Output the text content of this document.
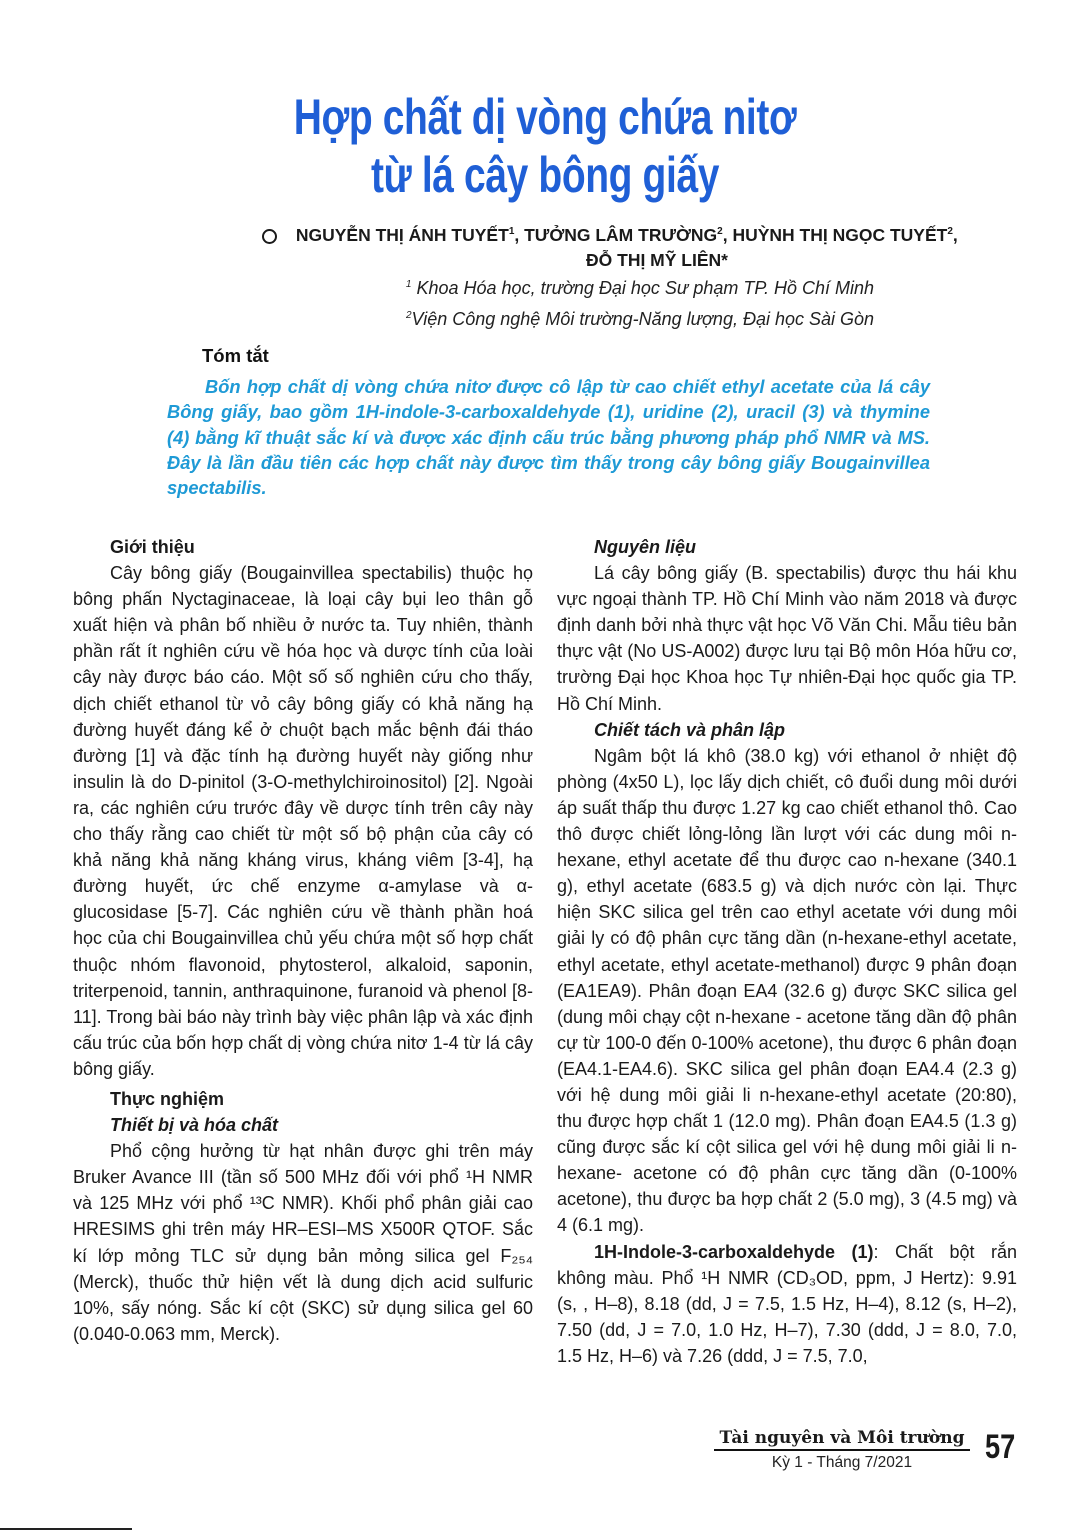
Hợp chất dị vòng chứa nitơ
từ lá cây bông giấy
NGUYỄN THỊ ÁNH TUYẾT$^1$, TƯỞNG LÂM TRƯỜNG$^2$, HUỲNH THỊ NGỌC TUYẾT$^2$,
ĐỖ THỊ MỸ LIÊN*
$^1$ Khoa Hóa học, trường Đại học Sư phạm TP. Hồ Chí Minh
$^2$Viện Công nghệ Môi trường-Năng lượng, Đại học Sài Gòn
Tóm tắt
Bốn hợp chất dị vòng chứa nitơ được cô lập từ cao chiết ethyl acetate của lá cây Bông giấy, bao gồm 1H-indole-3-carboxaldehyde (1), uridine (2), uracil (3) và thymine (4) bằng kĩ thuật sắc kí và được xác định cấu trúc bằng phương pháp phổ NMR và MS. Đây là lần đầu tiên các hợp chất này được tìm thấy trong cây bông giấy Bougainvillea spectabilis.
Giới thiệu

Cây bông giấy (Bougainvillea spectabilis) thuộc họ bông phấn Nyctaginaceae, là loại cây bụi leo thân gỗ xuất hiện và phân bố nhiều ở nước ta. Tuy nhiên, thành phần rất ít nghiên cứu về hóa học và dược tính của loài cây này được báo cáo. Một số số nghiên cứu cho thấy, dịch chiết ethanol từ vỏ cây bông giấy có khả năng hạ đường huyết đáng kể ở chuột bạch mắc bệnh đái tháo đường [1] và đặc tính hạ đường huyết này giống như insulin là do D-pinitol (3-O-methylchiroinositol) [2]. Ngoài ra, các nghiên cứu trước đây về dược tính trên cây này cho thấy rằng cao chiết từ một số bộ phận của cây có khả năng khả năng kháng virus, kháng viêm [3-4], hạ đường huyết, ức chế enzyme α-amylase và α-glucosidase [5-7]. Các nghiên cứu về thành phần hoá học của chi Bougainvillea chủ yếu chứa một số hợp chất thuộc nhóm flavonoid, phytosterol, alkaloid, saponin, triterpenoid, tannin, anthraquinone, furanoid và phenol [8-11]. Trong bài báo này trình bày việc phân lập và xác định cấu trúc của bốn hợp chất dị vòng chứa nitơ 1-4 từ lá cây bông giấy.

Thực nghiệm
Thiết bị và hóa chất

Phổ cộng hưởng từ hạt nhân được ghi trên máy Bruker Avance III (tần số 500 MHz đối với phổ ¹H NMR và 125 MHz với phổ ¹³C NMR). Khối phổ phân giải cao HRESIMS ghi trên máy HR–ESI–MS X500R QTOF. Sắc kí lớp mỏng TLC sử dụng bản mỏng silica gel F₂₅₄ (Merck), thuốc thử hiện vết là dung dịch acid sulfuric 10%, sấy nóng. Sắc kí cột (SKC) sử dụng silica gel 60 (0.040-0.063 mm, Merck).

Nguyên liệu

Lá cây bông giấy (B. spectabilis) được thu hái khu vực ngoại thành TP. Hồ Chí Minh vào năm 2018 và được định danh bởi nhà thực vật học Võ Văn Chi. Mẫu tiêu bản thực vật (No US-A002) được lưu tại Bộ môn Hóa hữu cơ, trường Đại học Khoa học Tự nhiên-Đại học quốc gia TP. Hồ Chí Minh.

Chiết tách và phân lập

Ngâm bột lá khô (38.0 kg) với ethanol ở nhiệt độ phòng (4x50 L), lọc lấy dịch chiết, cô đuổi dung môi dưới áp suất thấp thu được 1.27 kg cao chiết ethanol thô. Cao thô được chiết lỏng-lỏng lần lượt với các dung môi n-hexane, ethyl acetate để thu được cao n-hexane (340.1 g), ethyl acetate (683.5 g) và dịch nước còn lại. Thực hiện SKC silica gel trên cao ethyl acetate với dung môi giải ly có độ phân cực tăng dần (n-hexane-ethyl acetate, ethyl acetate, ethyl acetate-methanol) được 9 phân đoạn (EA1EA9). Phân đoạn EA4 (32.6 g) được SKC silica gel (dung môi chạy cột n-hexane - acetone tăng dần độ phân cự từ 100-0 đến 0-100% acetone), thu được 6 phân đoạn (EA4.1-EA4.6). SKC silica gel phân đoạn EA4.4 (2.3 g) với hệ dung môi giải li n-hexane-ethyl acetate (20:80), thu được hợp chất 1 (12.0 mg). Phân đoạn EA4.5 (1.3 g) cũng được sắc kí cột silica gel với hệ dung môi giải li n-hexane- acetone có độ phân cực tăng dần (0-100% acetone), thu được ba hợp chất 2 (5.0 mg), 3 (4.5 mg) và 4 (6.1 mg).

1H-Indole-3-carboxaldehyde (1): Chất bột rắn không màu. Phổ ¹H NMR (CD₃OD, ppm, J Hertz): 9.91 (s, , H–8), 8.18 (dd, J = 7.5, 1.5 Hz, H–4), 8.12 (s, H–2), 7.50 (dd, J = 7.0, 1.0 Hz, H–7), 7.30 (ddd, J = 8.0, 7.0, 1.5 Hz, H–6) và 7.26 (ddd, J = 7.5, 7.0,

Tài nguyên và Môi trường
Kỳ 1 - Tháng 7/2021	57
